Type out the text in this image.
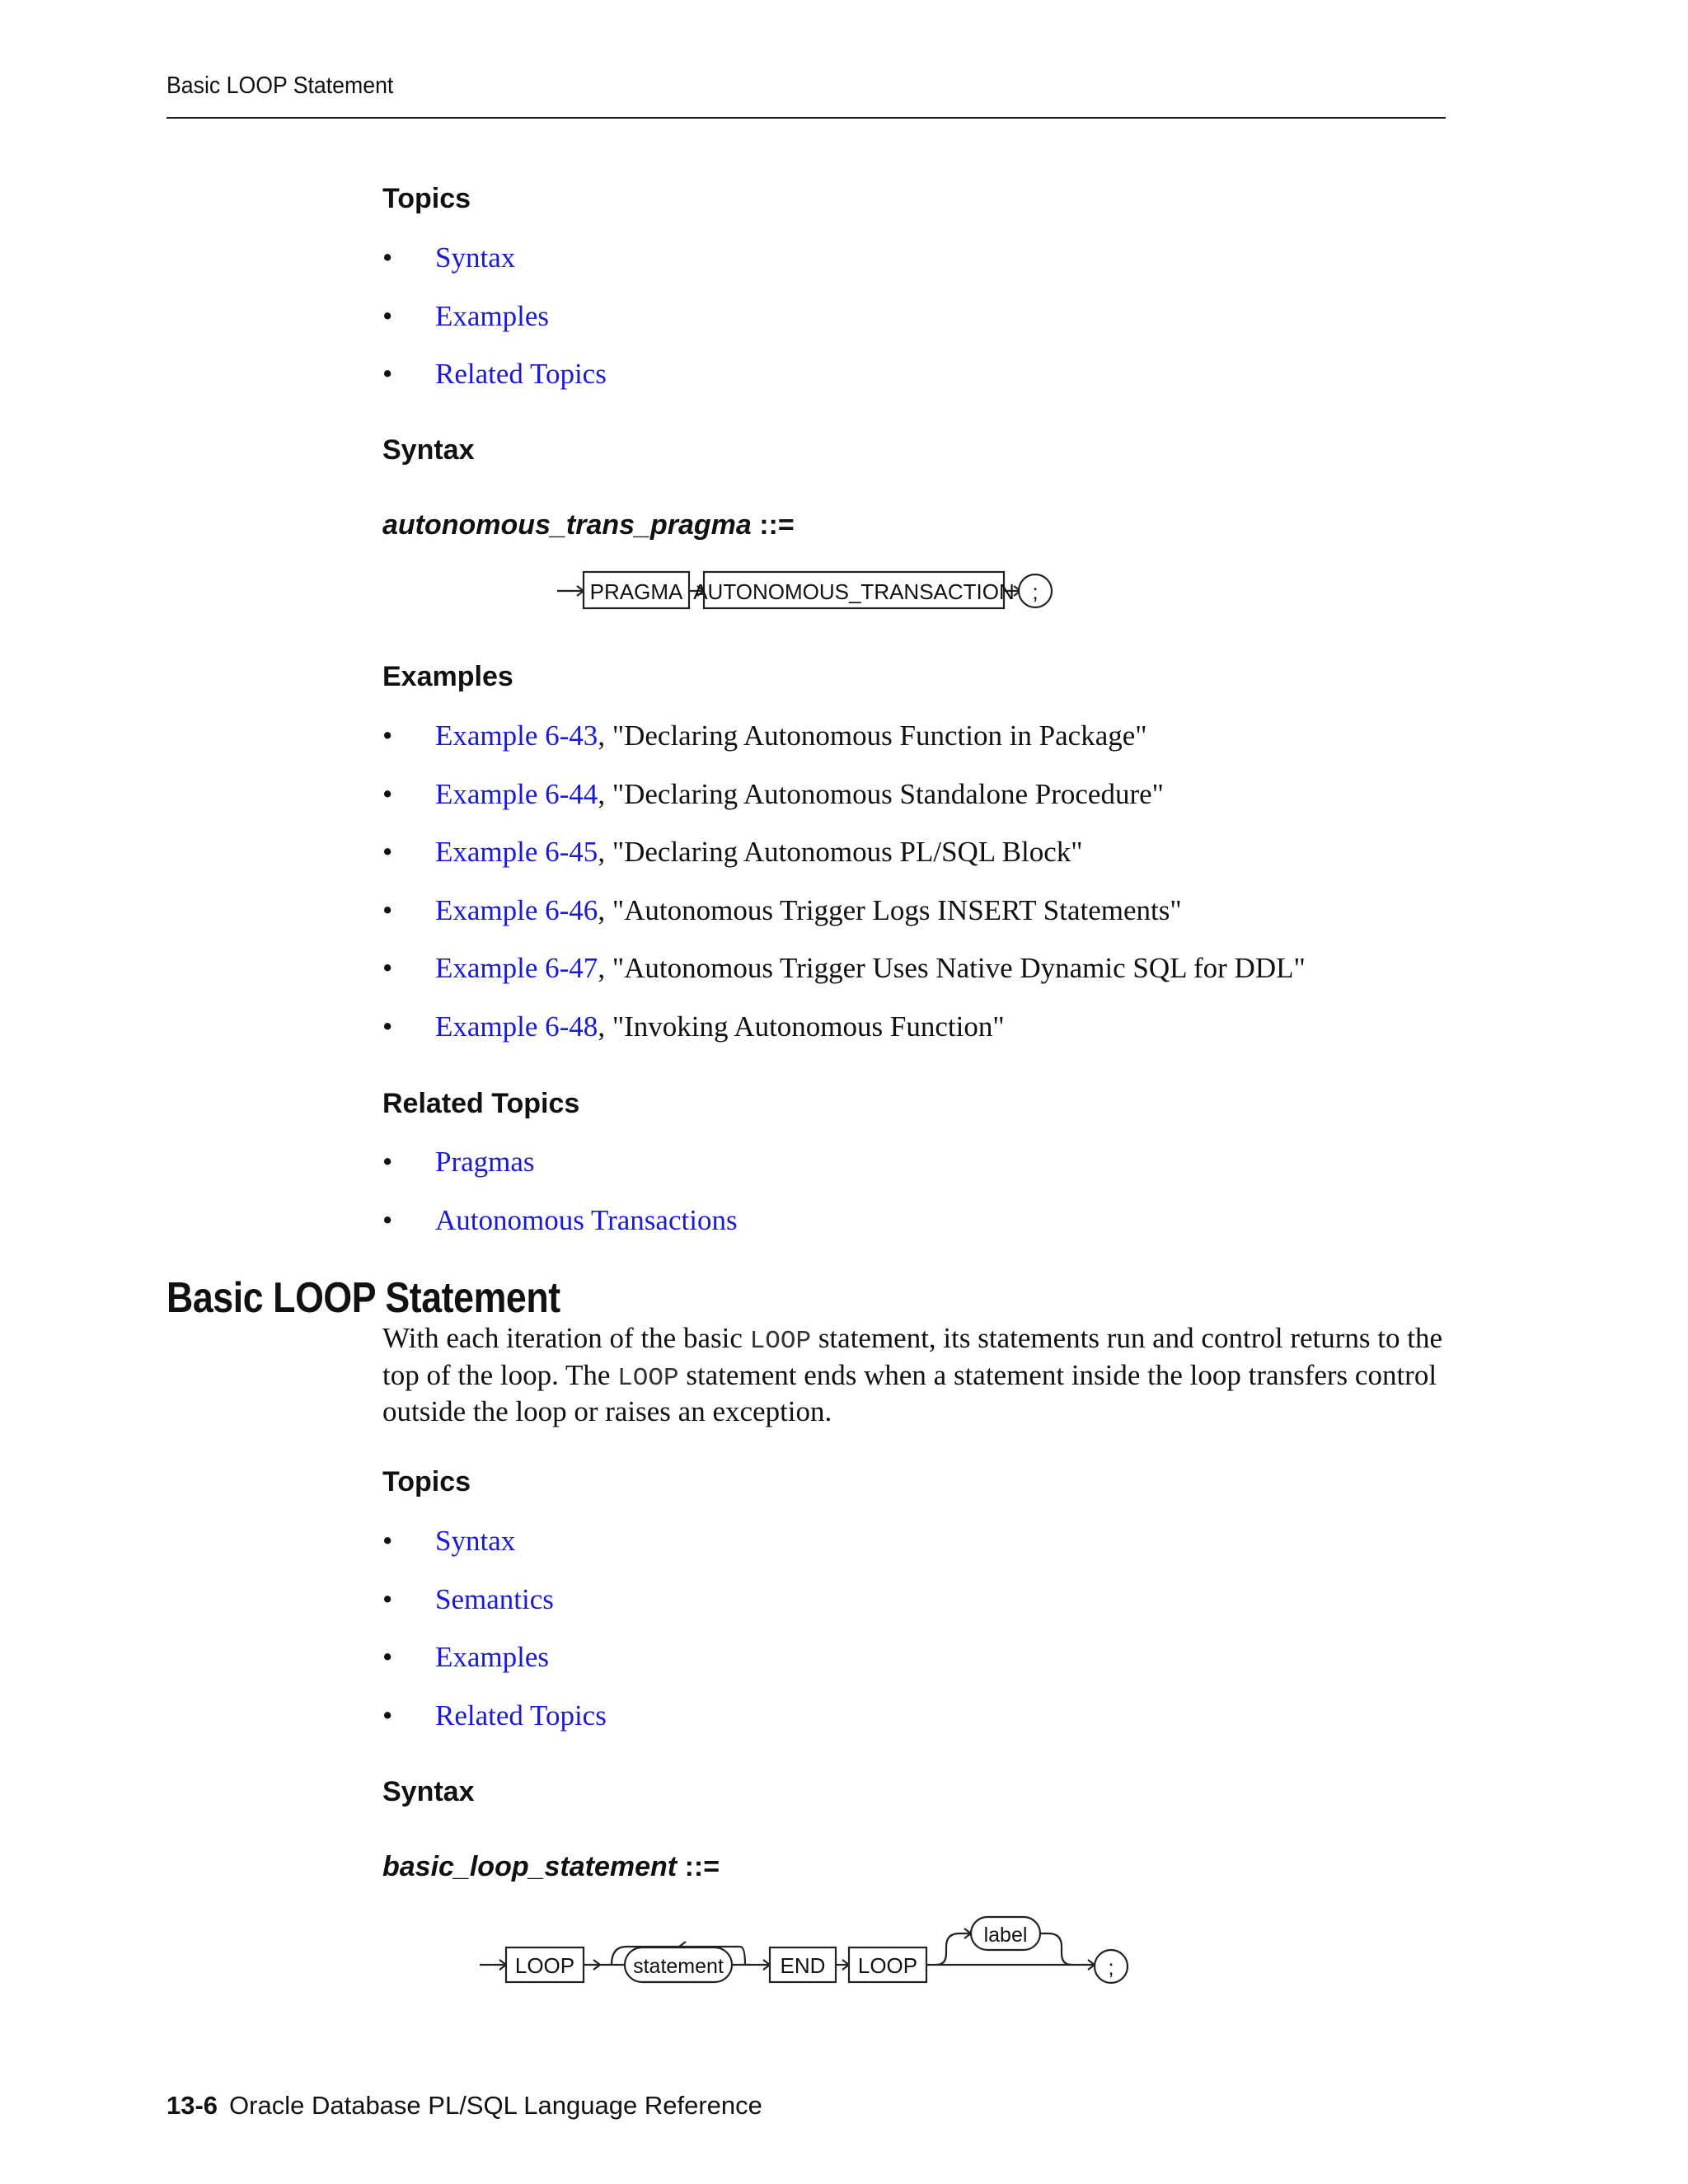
Basic LOOP Statement
Topics
• Syntax
• Examples
• Related Topics
Syntax
autonomous_trans_pragma ::=
PRAGMA AUTONOMOUS_TRANSACTION ;
Examples
• Example 6-43, "Declaring Autonomous Function in Package"
• Example 6-44, "Declaring Autonomous Standalone Procedure"
• Example 6-45, "Declaring Autonomous PL/SQL Block"
• Example 6-46, "Autonomous Trigger Logs INSERT Statements"
• Example 6-47, "Autonomous Trigger Uses Native Dynamic SQL for DDL"
• Example 6-48, "Invoking Autonomous Function"
Related Topics
• Pragmas
• Autonomous Transactions
Basic LOOP Statement

With each iteration of the basic LOOP statement, its statements run and control returns to the top of the loop. The LOOP statement ends when a statement inside the loop transfers control outside the loop or raises an exception.

Topics
• Syntax
• Semantics
• Examples
• Related Topics
Syntax
basic_loop_statement ::=
LOOP	statement	END LOOP
label
;
13-6 Oracle Database PL/SQL Language Reference
